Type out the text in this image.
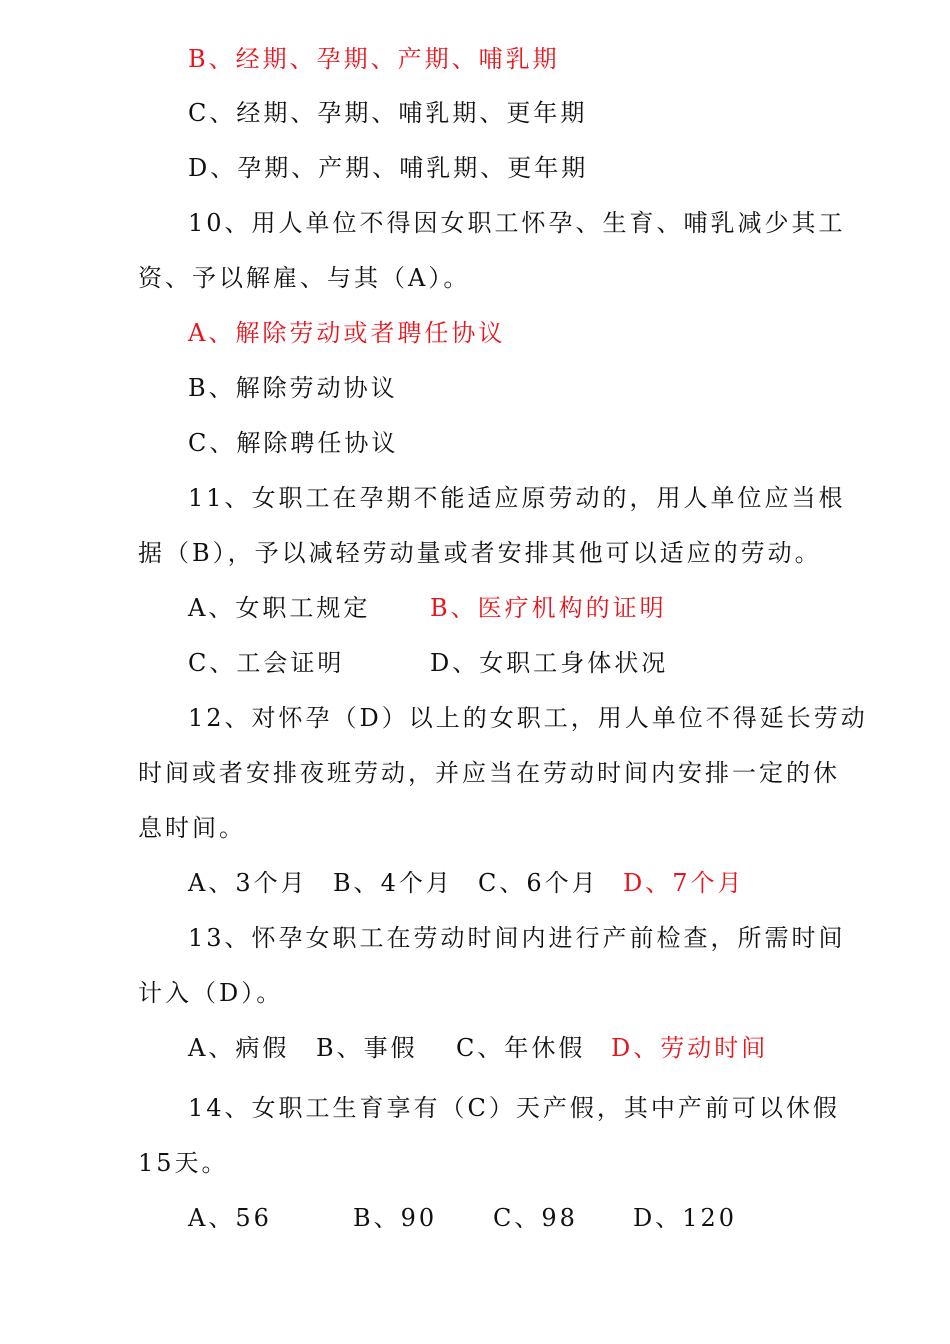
B、经期、孕期、产期、哺乳期
C、经期、孕期、哺乳期、更年期
D、孕期、产期、哺乳期、更年期
10、用人单位不得因女职工怀孕、生育、哺乳减少其工
资、予以解雇、与其（A）。
A、解除劳动或者聘任协议
B、解除劳动协议
C、解除聘任协议
11、女职工在孕期不能适应原劳动的，用人单位应当根
据（B），予以减轻劳动量或者安排其他可以适应的劳动。
A、女职工规定 B、医疗机构的证明
C、工会证明	D、女职工身体状况
12、对怀孕（D）以上的女职工，用人单位不得延长劳动
时间或者安排夜班劳动，并应当在劳动时间内安排一定的休
息时间。
A、3个月 B、4个月 C、6个月 D、7个月
13、怀孕女职工在劳动时间内进行产前检查，所需时间
计入（D）。
A、病假 B、事假 C、年休假 D、劳动时间
14、女职工生育享有（C）天产假，其中产前可以休假
15天。
A、56	B、90 C、98 D、120
